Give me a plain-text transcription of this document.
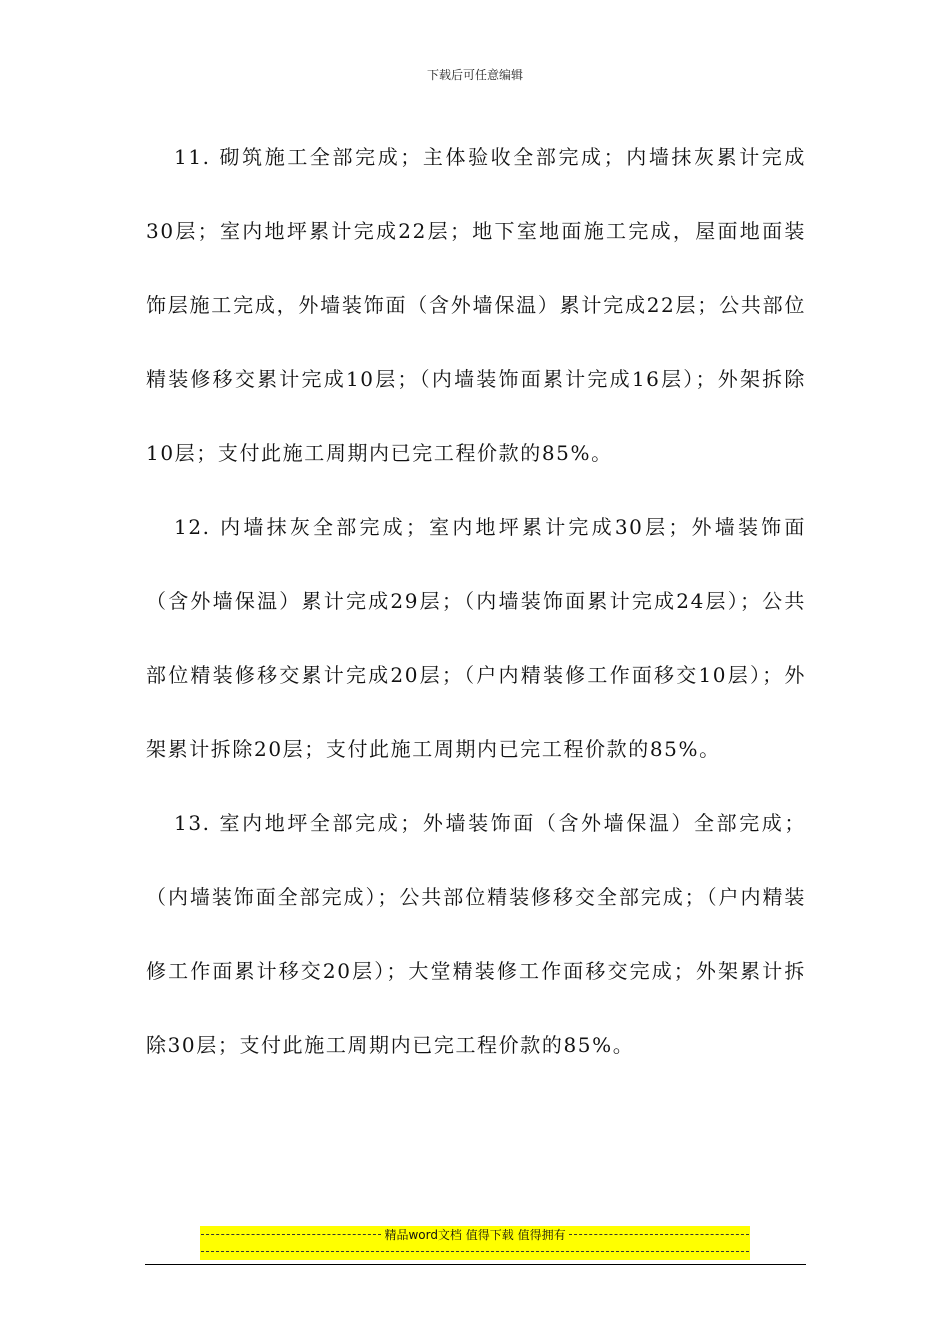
下载后可任意编辑

11. 砌筑施工全部完成；主体验收全部完成；内墙抹灰累计完成30层；室内地坪累计完成22层；地下室地面施工完成，屋面地面装饰层施工完成，外墙装饰面（含外墙保温）累计完成22层；公共部位精装修移交累计完成10层；（内墙装饰面累计完成16层）；外架拆除10层；支付此施工周期内已完工程价款的85%。

12. 内墙抹灰全部完成；室内地坪累计完成30层；外墙装饰面（含外墙保温）累计完成29层；（内墙装饰面累计完成24层）；公共部位精装修移交累计完成20层；（户内精装修工作面移交10层）；外架累计拆除20层；支付此施工周期内已完工程价款的85%。

13. 室内地坪全部完成；外墙装饰面（含外墙保温）全部完成；（内墙装饰面全部完成）；公共部位精装修移交全部完成；（户内精装修工作面累计移交20层）；大堂精装修工作面移交完成；外架累计拆除30层；支付此施工周期内已完工程价款的85%。

精品word文档 值得下载 值得拥有
